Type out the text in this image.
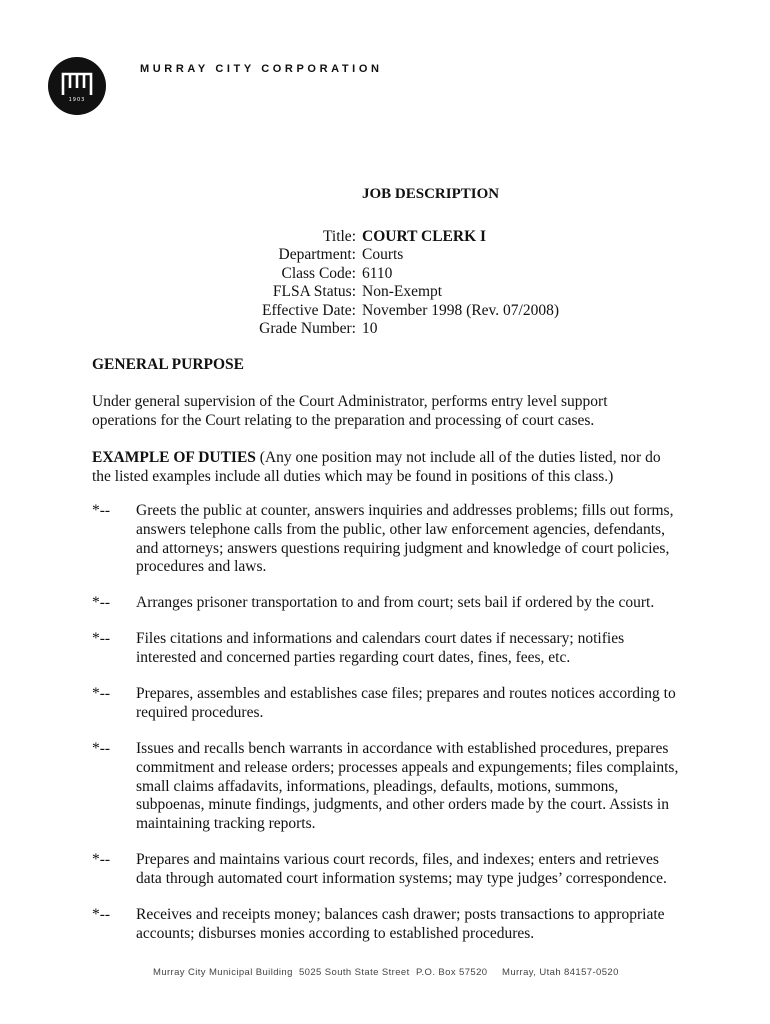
1903
MURRAY CITY CORPORATION
JOB DESCRIPTION
Title:	COURT CLERK I
Department:	Courts
Class Code:	6110
FLSA Status:	Non-Exempt
Effective Date:	November 1998 (Rev. 07/2008)
Grade Number:	10
GENERAL PURPOSE

Under general supervision of the Court Administrator, performs entry level support operations for the Court relating to the preparation and processing of court cases.

EXAMPLE OF DUTIES (Any one position may not include all of the duties listed, nor do the listed examples include all duties which may be found in positions of this class.)

*-- Greets the public at counter, answers inquiries and addresses problems; fills out forms, answers telephone calls from the public, other law enforcement agencies, defendants, and attorneys; answers questions requiring judgment and knowledge of court policies, procedures and laws.
*-- Arranges prisoner transportation to and from court; sets bail if ordered by the court.
*-- Files citations and informations and calendars court dates if necessary; notifies interested and concerned parties regarding court dates, fines, fees, etc.
*-- Prepares, assembles and establishes case files; prepares and routes notices according to required procedures.
*-- Issues and recalls bench warrants in accordance with established procedures, prepares commitment and release orders; processes appeals and expungements; files complaints, small claims affadavits, informations, pleadings, defaults, motions, summons, subpoenas, minute findings, judgments, and other orders made by the court. Assists in maintaining tracking reports.
*-- Prepares and maintains various court records, files, and indexes; enters and retrieves data through automated court information systems; may type judges’ correspondence.
*-- Receives and receipts money; balances cash drawer; posts transactions to appropriate accounts; disburses monies according to established procedures.
Murray City Municipal Building 5025 South State Street P.O. Box 57520 Murray, Utah 84157-0520
